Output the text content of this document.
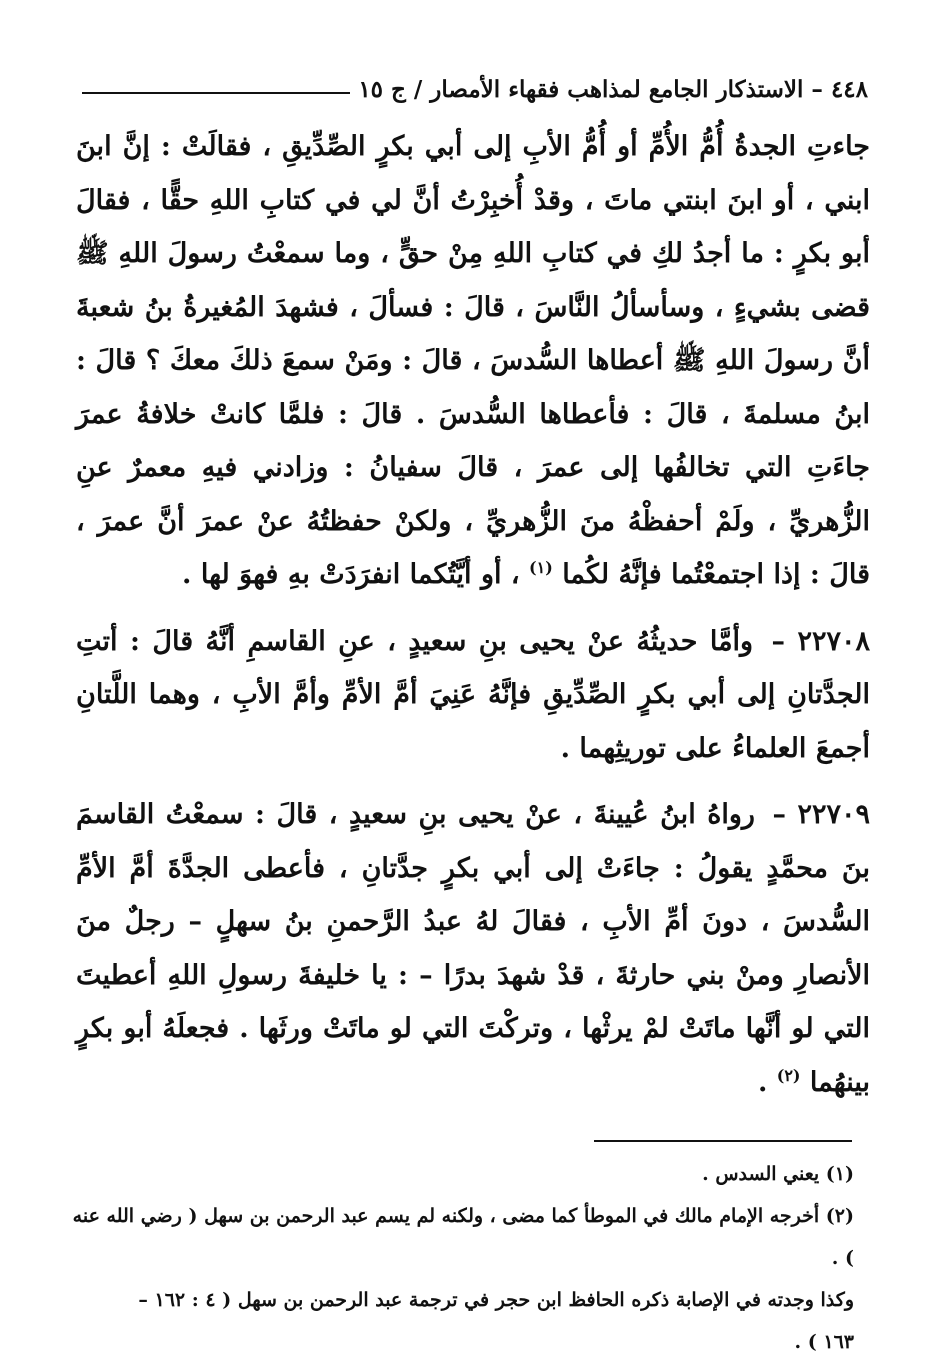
٤٤٨ – الاستذكار الجامع لمذاهب فقهاء الأمصار / ج ١٥

جاءتِ الجدةُ أُمُّ الأُمِّ أو أُمُّ الأبِ إلى أبي بكرٍ الصِّدِّيقِ ، فقالَتْ : إنَّ ابنَ ابني ، أو ابنَ ابنتي ماتَ ، وقدْ أُخبِرْتُ أنَّ لي في كتابِ اللهِ حقًّا ، فقالَ أبو بكرٍ : ما أجدُ لكِ في كتابِ اللهِ مِنْ حقٍّ ، وما سمعْتُ رسولَ اللهِ ﷺ قضى بشيءٍ ، وسأسألُ النَّاسَ ، قالَ : فسألَ ، فشهدَ المُغيرةُ بنُ شعبةَ أنَّ رسولَ اللهِ ﷺ أعطاها السُّدسَ ، قالَ : ومَنْ سمعَ ذلكَ معكَ ؟ قالَ : ابنُ مسلمةَ ، قالَ : فأعطاها السُّدسَ . قالَ : فلمَّا كانتْ خلافةُ عمرَ جاءَتِ التي تخالفُها إلى عمرَ ، قالَ سفيانُ : وزادني فيهِ معمرٌ عنِ الزُّهريِّ ، ولَمْ أحفظْهُ منَ الزُّهريِّ ، ولكنْ حفظتُهُ عنْ عمرَ أنَّ عمرَ ، قالَ : إذا اجتمعْتُما فإنَّهُ لكُما $^{(١)}$ ، أو أيَّتُكما انفرَدَتْ بهِ فهوَ لها .

٢٢٧٠٨ – وأمَّا حديثُهُ عنْ يحيى بنِ سعيدٍ ، عنِ القاسمِ أنَّهُ قالَ : أتتِ الجدَّتانِ إلى أبي بكرٍ الصِّدِّيقِ فإنَّهُ عَنِيَ أمَّ الأمِّ وأمَّ الأبِ ، وهما اللَّتانِ أجمعَ العلماءُ على توريثِهما .

٢٢٧٠٩ – رواهُ ابنُ عُيينةَ ، عنْ يحيى بنِ سعيدٍ ، قالَ : سمعْتُ القاسمَ بنَ محمَّدٍ يقولُ : جاءَتْ إلى أبي بكرٍ جدَّتانِ ، فأعطى الجدَّةَ أمَّ الأمِّ السُّدسَ ، دونَ أمِّ الأبِ ، فقالَ لهُ عبدُ الرَّحمنِ بنُ سهلٍ – رجلٌ منَ الأنصارِ ومنْ بني حارثةَ ، قدْ شهدَ بدرًا – : يا خليفةَ رسولِ اللهِ أعطيتَ التي لو أنَّها ماتَتْ لمْ يرثْها ، وتركْتَ التي لو ماتَتْ ورثَها . فجعلَهُ أبو بكرٍ بينهُما $^{(٢)}$ .

(١) يعني السدس .

(٢) أخرجه الإمام مالك في الموطأ كما مضى ، ولكنه لم يسم عبد الرحمن بن سهل ( رضي الله عنه ) .

وكذا وجدته في الإصابة ذكره الحافظ ابن حجر في ترجمة عبد الرحمن بن سهل ( ٤ : ١٦٢ –

١٦٣ ) .
